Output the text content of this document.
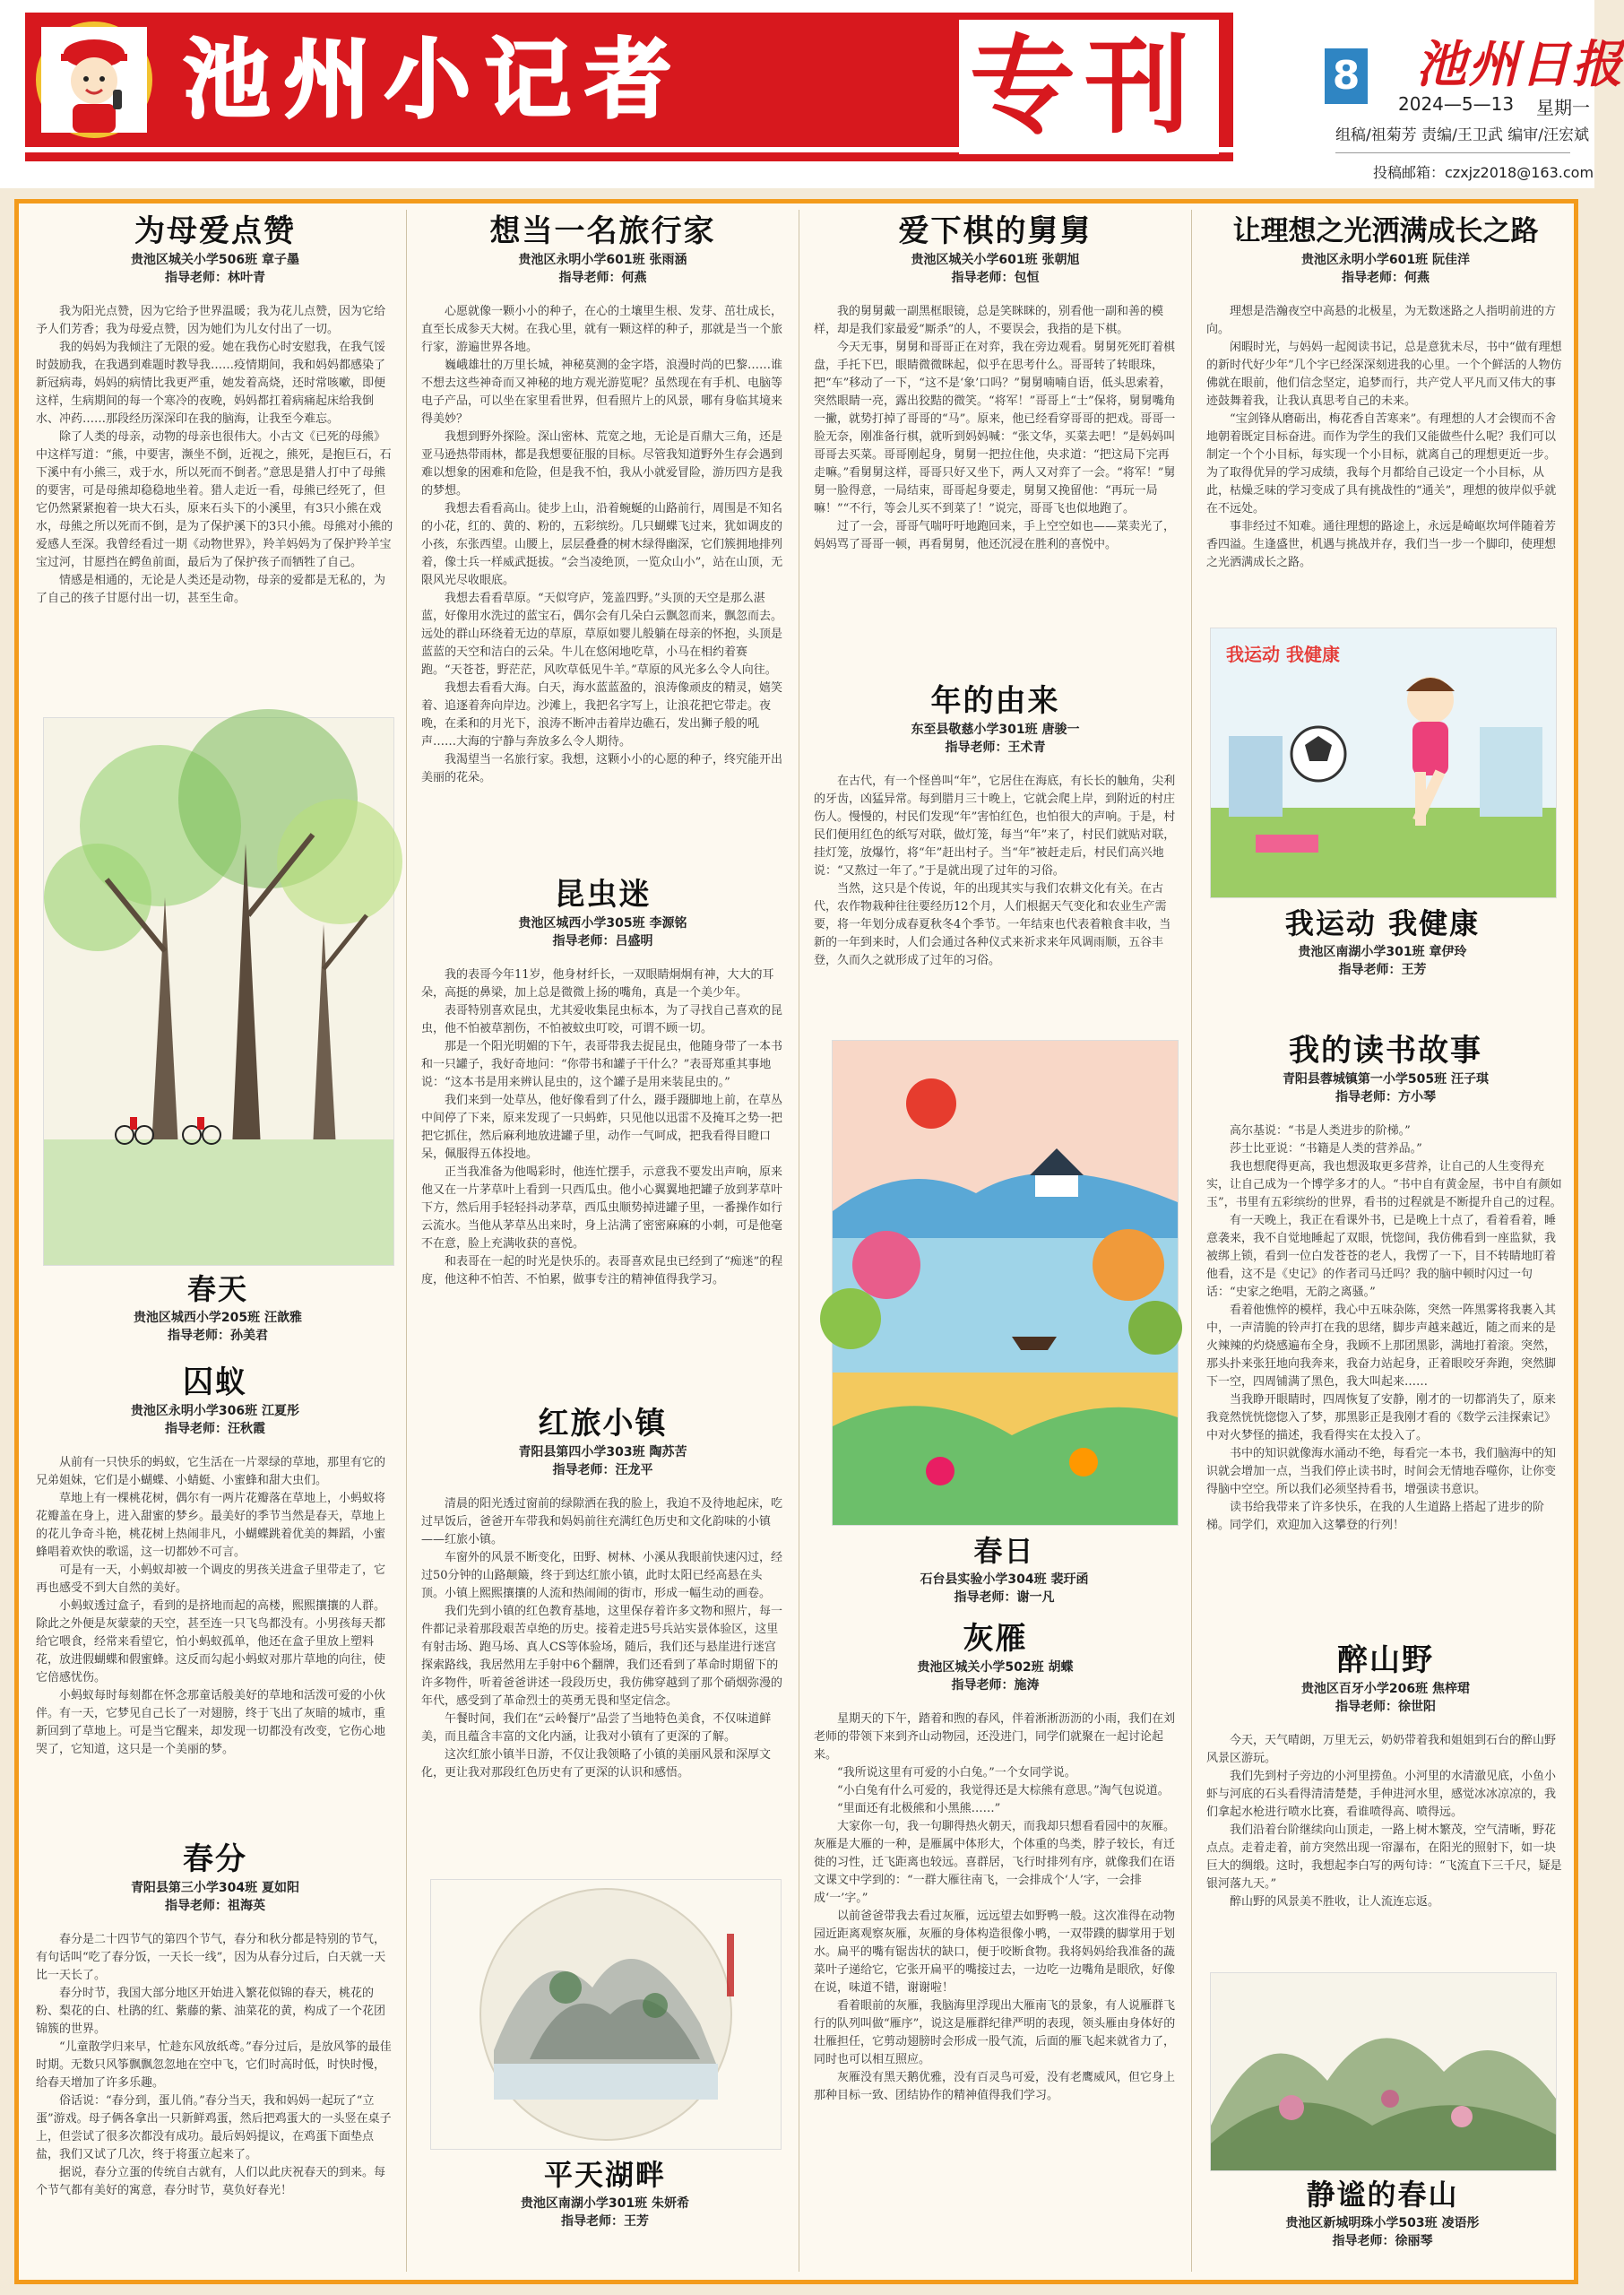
池州小记者	专刊	8 池州日报
2024—5—13 星期一
组稿/祖菊芳 责编/王卫武 编审/汪宏斌
投稿邮箱：czxjz2018@163.com
为母爱点赞
贵池区城关小学506班 章子墨
指导老师：林叶青

我为阳光点赞，因为它给予世界温暖；我为花儿点赞，因为它给予人们芳香；我为母爱点赞，因为她们为儿女付出了一切。

我的妈妈为我倾注了无限的爱。她在我伤心时安慰我，在我气馁时鼓励我，在我遇到难题时教导我……疫情期间，我和妈妈都感染了新冠病毒，妈妈的病情比我更严重，她发着高烧，还时常咳嗽，即便这样，生病期间的每一个寒冷的夜晚，妈妈都扛着病痛起床给我倒水、冲药……那段经历深深印在我的脑海，让我至今难忘。

除了人类的母亲，动物的母亲也很伟大。小古文《已死的母熊》中这样写道：“熊，中要害，濒坐不倒，近视之，熊死，是抱巨石，石下溪中有小熊三，戏于水，所以死而不倒者。”意思是猎人打中了母熊的要害，可是母熊却稳稳地坐着。猎人走近一看，母熊已经死了，但它仍然紧紧抱着一块大石头，原来石头下的小溪里，有3只小熊在戏水，母熊之所以死而不倒，是为了保护溪下的3只小熊。母熊对小熊的爱感人至深。我曾经看过一期《动物世界》，羚羊妈妈为了保护羚羊宝宝过河，甘愿挡在鳄鱼前面，最后为了保护孩子而牺牲了自己。

情感是相通的，无论是人类还是动物，母亲的爱都是无私的，为了自己的孩子甘愿付出一切，甚至生命。

春天
贵池区城西小学205班 汪歆雅
指导老师：孙美君
囚蚁
贵池区永明小学306班 江夏彤
指导老师：汪秋霞

从前有一只快乐的蚂蚁，它生活在一片翠绿的草地，那里有它的兄弟姐妹，它们是小蝴蝶、小蜻蜓、小蜜蜂和甜大虫们。

草地上有一棵桃花树，偶尔有一两片花瓣落在草地上，小蚂蚁将花瓣盖在身上，进入甜蜜的梦乡。最美好的季节当然是春天，草地上的花儿争奇斗艳，桃花树上热闹非凡，小蝴蝶跳着优美的舞蹈，小蜜蜂唱着欢快的歌谣，这一切都妙不可言。

可是有一天，小蚂蚁却被一个调皮的男孩关进盒子里带走了，它再也感受不到大自然的美好。

小蚂蚁透过盒子，看到的是挤地而起的高楼，熙熙攘攘的人群。除此之外便是灰蒙蒙的天空，甚至连一只飞鸟都没有。小男孩每天都给它喂食，经常来看望它，怕小蚂蚁孤单，他还在盒子里放上塑料花，放进假蝴蝶和假蜜蜂。这反而勾起小蚂蚁对那片草地的向往，使它倍感忧伤。

小蚂蚁每时每刻都在怀念那童话般美好的草地和活泼可爱的小伙伴。有一天，它梦见自己长了一对翅膀，终于飞出了灰暗的城市，重新回到了草地上。可是当它醒来，却发现一切都没有改变，它伤心地哭了，它知道，这只是一个美丽的梦。

春分
青阳县第三小学304班 夏如阳
指导老师：祖海英

春分是二十四节气的第四个节气，春分和秋分都是特别的节气，有句话叫“吃了春分饭，一天长一线”，因为从春分过后，白天就一天比一天长了。

春分时节，我国大部分地区开始进入繁花似锦的春天，桃花的粉、梨花的白、杜鹃的红、紫藤的紫、油菜花的黄，构成了一个花团锦簇的世界。

“儿童散学归来早，忙趁东风放纸鸢。”春分过后，是放风筝的最佳时期。无数只风筝飘飘忽忽地在空中飞，它们时高时低，时快时慢，给春天增加了许多乐趣。

俗话说：“春分到，蛋儿俏。”春分当天，我和妈妈一起玩了“立蛋”游戏。母子俩各拿出一只新鲜鸡蛋，然后把鸡蛋大的一头竖在桌子上，但尝试了很多次都没有成功。最后妈妈提议，在鸡蛋下面垫点盐，我们又试了几次，终于将蛋立起来了。

据说，春分立蛋的传统自古就有，人们以此庆祝春天的到来。每个节气都有美好的寓意，春分时节，莫负好春光！

想当一名旅行家
贵池区永明小学601班 张雨涵
指导老师：何燕

心愿就像一颗小小的种子，在心的土壤里生根、发芽、茁壮成长，直至长成参天大树。在我心里，就有一颗这样的种子，那就是当一个旅行家，游遍世界各地。

巍峨雄壮的万里长城，神秘莫测的金字塔，浪漫时尚的巴黎……谁不想去这些神奇而又神秘的地方观光游览呢？虽然现在有手机、电脑等电子产品，可以坐在家里看世界，但看照片上的风景，哪有身临其境来得美妙？

我想到野外探险。深山密林、荒宽之地，无论是百鼎大三角，还是亚马逊热带雨林，都是我想要征服的目标。尽管我知道野外生存会遇到难以想象的困难和危险，但是我不怕，我从小就爱冒险，游历四方是我的梦想。

我想去看看高山。徒步上山，沿着蜿蜒的山路前行，周围是不知名的小花，红的、黄的、粉的，五彩缤纷。几只蝴蝶飞过来，犹如调皮的小孩，东张西望。山腰上，层层叠叠的树木绿得幽深，它们簇拥地排列着，像士兵一样威武挺拔。“会当凌绝顶，一览众山小”，站在山顶，无限风光尽收眼底。

我想去看看草原。“天似穹庐，笼盖四野。”头顶的天空是那么湛蓝，好像用水洗过的蓝宝石，偶尔会有几朵白云飘忽而来，飘忽而去。远处的群山环绕着无边的草原，草原如婴儿般躺在母亲的怀抱，头顶是蓝蓝的天空和洁白的云朵。牛儿在悠闲地吃草，小马在相约着赛跑。“天苍苍，野茫茫，风吹草低见牛羊。”草原的风光多么令人向往。

我想去看看大海。白天，海水蓝蓝盈的，浪涛像顽皮的精灵，嬉笑着、追逐着奔向岸边。沙滩上，我把名字写上，让浪花把它带走。夜晚，在柔和的月光下，浪涛不断冲击着岸边礁石，发出狮子般的吼声……大海的宁静与奔放多么令人期待。

我渴望当一名旅行家。我想，这颗小小的心愿的种子，终究能开出美丽的花朵。

昆虫迷
贵池区城西小学305班 李源铭
指导老师：吕盛明

我的表哥今年11岁，他身材纤长，一双眼睛炯炯有神，大大的耳朵，高挺的鼻梁，加上总是微微上扬的嘴角，真是一个美少年。

表哥特别喜欢昆虫，尤其爱收集昆虫标本，为了寻找自己喜欢的昆虫，他不怕被草割伤，不怕被蚊虫叮咬，可谓不顾一切。

那是一个阳光明媚的下午，表哥带我去捉昆虫，他随身带了一本书和一只罐子，我好奇地问：“你带书和罐子干什么？”表哥郑重其事地说：“这本书是用来辨认昆虫的，这个罐子是用来装昆虫的。”

我们来到一处草丛，他好像看到了什么，蹑手蹑脚地上前，在草丛中间停了下来，原来发现了一只蚂蚱，只见他以迅雷不及掩耳之势一把把它抓住，然后麻利地放进罐子里，动作一气呵成，把我看得目瞪口呆，佩服得五体投地。

正当我准备为他喝彩时，他连忙摆手，示意我不要发出声响，原来他又在一片茅草叶上看到一只西瓜虫。他小心翼翼地把罐子放到茅草叶下方，然后用手轻轻抖动茅草，西瓜虫顺势掉进罐子里，一番操作如行云流水。当他从茅草丛出来时，身上沾满了密密麻麻的小刺，可是他毫不在意，脸上充满收获的喜悦。

和表哥在一起的时光是快乐的。表哥喜欢昆虫已经到了“痴迷”的程度，他这种不怕苦、不怕累，做事专注的精神值得我学习。

红旅小镇
青阳县第四小学303班 陶苏苦
指导老师：汪龙平

清晨的阳光透过窗前的绿隙洒在我的脸上，我迫不及待地起床，吃过早饭后，爸爸开车带我和妈妈前往充满红色历史和文化韵味的小镇——红旅小镇。

车窗外的风景不断变化，田野、树林、小溪从我眼前快速闪过，经过50分钟的山路颠簸，终于到达红旅小镇，此时太阳已经高悬在头顶。小镇上熙熙攘攘的人流和热闹闹的街市，形成一幅生动的画卷。

我们先到小镇的红色教育基地，这里保存着许多文物和照片，每一件都记录着那段艰苦卓绝的历史。接着走进5号兵站实景体验区，这里有射击场、跑马场、真人CS等体验场，随后，我们还与悬崖进行迷宫探索路线，我居然用左手射中6个翻牌，我们还看到了革命时期留下的许多物件，听着爸爸讲述一段段历史，我仿佛穿越到了那个硝烟弥漫的年代，感受到了革命烈士的英勇无畏和坚定信念。

午餐时间，我们在“云岭餐厅”品尝了当地特色美食，不仅味道鲜美，而且蕴含丰富的文化内涵，让我对小镇有了更深的了解。

这次红旅小镇半日游，不仅让我领略了小镇的美丽风景和深厚文化，更让我对那段红色历史有了更深的认识和感悟。

平天湖畔
贵池区南湖小学301班 朱妍希
指导老师：王芳
爱下棋的舅舅
贵池区城关小学601班 张朝旭
指导老师：包恒

我的舅舅戴一副黑框眼镜，总是笑眯眯的，别看他一副和善的模样，却是我们家最爱“厮杀”的人，不要误会，我指的是下棋。

今天无事，舅舅和哥哥正在对弈，我在旁边观看。舅舅死死盯着棋盘，手托下巴，眼睛微微眯起，似乎在思考什么。哥哥转了转眼珠，把“车”移动了一下，“这不是‘象’口吗？”舅舅喃喃自语，低头思索着，突然眼睛一亮，露出狡黠的微笑。“将军！”哥哥上“士”保将，舅舅嘴角一撇，就势打掉了哥哥的“马”。原来，他已经看穿哥哥的把戏。哥哥一脸无奈，刚准备行棋，就听到妈妈喊：“张文华，买菜去吧！”是妈妈叫哥哥去买菜。哥哥刚起身，舅舅一把拉住他，央求道：“把这局下完再走嘛。”看舅舅这样，哥哥只好又坐下，两人又对弈了一会。“将军！”舅舅一脸得意，一局结束，哥哥起身要走，舅舅又挽留他：“再玩一局嘛！”“不行，等会儿买不到菜了！”说完，哥哥飞也似地跑了。

过了一会，哥哥气喘吁吁地跑回来，手上空空如也——菜卖光了，妈妈骂了哥哥一顿，再看舅舅，他还沉浸在胜利的喜悦中。

年的由来
东至县敬慈小学301班 唐骏一
指导老师：王术青

在古代，有一个怪兽叫“年”，它居住在海底，有长长的触角，尖利的牙齿，凶猛异常。每到腊月三十晚上，它就会爬上岸，到附近的村庄伤人。慢慢的，村民们发现“年”害怕红色，也怕很大的声响。于是，村民们便用红色的纸写对联，做灯笼，每当“年”来了，村民们就贴对联，挂灯笼，放爆竹，将“年”赶出村子。当“年”被赶走后，村民们高兴地说：“又熬过一年了。”于是就出现了过年的习俗。

当然，这只是个传说，年的出现其实与我们农耕文化有关。在古代，农作物栽种往往要经历12个月，人们根据天气变化和农业生产需要，将一年划分成春夏秋冬4个季节。一年结束也代表着粮食丰收，当新的一年到来时，人们会通过各种仪式来祈求来年风调雨顺，五谷丰登，久而久之就形成了过年的习俗。

春日
石台县实验小学304班 裴玗函
指导老师：谢一凡
灰雁
贵池区城关小学502班 胡蝶
指导老师：施涛

星期天的下午，踏着和煦的春风，伴着淅淅沥沥的小雨，我们在刘老师的带领下来到齐山动物园，还没进门，同学们就聚在一起讨论起来。

“我所说这里有可爱的小白兔。”一个女同学说。

“小白兔有什么可爱的，我觉得还是大棕熊有意思。”淘气包说道。

“里面还有北极熊和小黑熊……”

大家你一句，我一句聊得热火朝天，而我却只想看看园中的灰雁。灰雁是大雁的一种，是雁属中体形大，个体重的鸟类，脖子较长，有迁徙的习性，迁飞距离也较远。喜群居，飞行时排列有序，就像我们在语文课文中学到的：“一群大雁往南飞，一会排成个‘人’字，一会排成‘一’字。”

以前爸爸带我去看过灰雁，远远望去如野鸭一般。这次准得在动物园近距离观察灰雁，灰雁的身体构造很像小鸭，一双带蹼的脚掌用于划水。扁平的嘴有锯齿状的缺口，便于咬断食物。我将妈妈给我准备的蔬菜叶子递给它，它张开扁平的嘴接过去，一边吃一边嘴角是眼欣，好像在说，味道不错，谢谢啦！

看着眼前的灰雁，我脑海里浮现出大雁南飞的景象，有人说雁群飞行的队列叫做“雁序”，说这是雁群纪律严明的表现，领头雁由身体好的壮雁担任，它剪动翅膀时会形成一股气流，后面的雁飞起来就省力了，同时也可以相互照应。

灰雁没有黑天鹅优雅，没有百灵鸟可爱，没有老鹰威风，但它身上那种目标一致、团结协作的精神值得我们学习。

让理想之光洒满成长之路
贵池区永明小学601班 阮佳洋
指导老师：何燕

理想是浩瀚夜空中高悬的北极星，为无数迷路之人指明前进的方向。

闲暇时光，与妈妈一起阅读书记，总是意犹未尽，书中“做有理想的新时代好少年”几个字已经深深刻进我的心里。一个个鲜活的人物仿佛就在眼前，他们信念坚定，追梦而行，共产党人平凡而又伟大的事迹鼓舞着我，让我认真思考自己的未来。

“宝剑锋从磨砺出，梅花香自苦寒来”。有理想的人才会锲而不舍地朝着既定目标奋进。而作为学生的我们又能做些什么呢？我们可以制定一个个小目标，每实现一个小目标，就离自己的理想更近一步。为了取得优异的学习成绩，我每个月都给自己设定一个小目标，从此，枯燥乏味的学习变成了具有挑战性的“通关”，理想的彼岸似乎就在不远处。

事非经过不知难。通往理想的路途上，永远是崎岖坎坷伴随着芳香四溢。生逢盛世，机遇与挑战并存，我们当一步一个脚印，使理想之光洒满成长之路。

我运动 我健康
我运动 我健康
贵池区南湖小学301班 章伊玲
指导老师：王芳
我的读书故事
青阳县蓉城镇第一小学505班 汪子琪
指导老师：方小琴

高尔基说：“书是人类进步的阶梯。”

莎士比亚说：“书籍是人类的营养品。”

我也想爬得更高，我也想汲取更多营养，让自己的人生变得充实，让自己成为一个博学多才的人。“书中自有黄金屋，书中自有颜如玉”，书里有五彩缤纷的世界，看书的过程就是不断提升自己的过程。

有一天晚上，我正在看课外书，已是晚上十点了，看着看着，睡意袭来，我不自觉地睡起了双眼，恍惚间，我仿佛看到一座监狱，我被绑上锁，看到一位白发苍苍的老人，我愣了一下，目不转睛地盯着他看，这不是《史记》的作者司马迁吗？我的脑中顿时闪过一句话：“史家之绝唱，无韵之离骚。”

看着他憔悴的模样，我心中五味杂陈，突然一阵黑雾将我裹入其中，一声清脆的铃声打在我的思绪，脚步声越来越近，随之而来的是火辣辣的灼烧感遍布全身，我顾不上那团黑影，满地打着滚。突然，那头扑来张狂地向我奔来，我奋力站起身，正着眼咬牙奔跑，突然脚下一空，四周铺满了黑色，我大叫起来……

当我睁开眼睛时，四周恢复了安静，刚才的一切都消失了，原来我竟然恍恍惚惚入了梦，那黑影正是我刚才看的《数学云洼探索记》中对火梦怪的描述，我看得实在太投入了。

书中的知识就像海水涌动不绝，每看完一本书，我们脑海中的知识就会增加一点，当我们停止读书时，时间会无情地吞噬你，让你变得脑中空空。所以我们必须坚持看书，增强读书意识。

读书给我带来了许多快乐，在我的人生道路上搭起了进步的阶梯。同学们，欢迎加入这攀登的行列！

醉山野
贵池区百牙小学206班 焦梓珺
指导老师：徐世阳

今天，天气晴朗，万里无云，奶奶带着我和姐姐到石台的醉山野风景区游玩。

我们先到村子旁边的小河里捞鱼。小河里的水清澈见底，小鱼小虾与河底的石头看得清清楚楚，手伸进河水里，感觉冰冰凉凉的，我们拿起水枪进行喷水比赛，看谁喷得高、喷得远。

我们沿着台阶继续向山顶走，一路上树木繁茂，空气清晰，野花点点。走着走着，前方突然出现一帘瀑布，在阳光的照射下，如一块巨大的绸缎。这时，我想起李白写的两句诗：“飞流直下三千尺，疑是银河落九天。”

醉山野的风景美不胜收，让人流连忘返。

静谧的春山
贵池区新城明珠小学503班 凌语彤
指导老师：徐丽琴
